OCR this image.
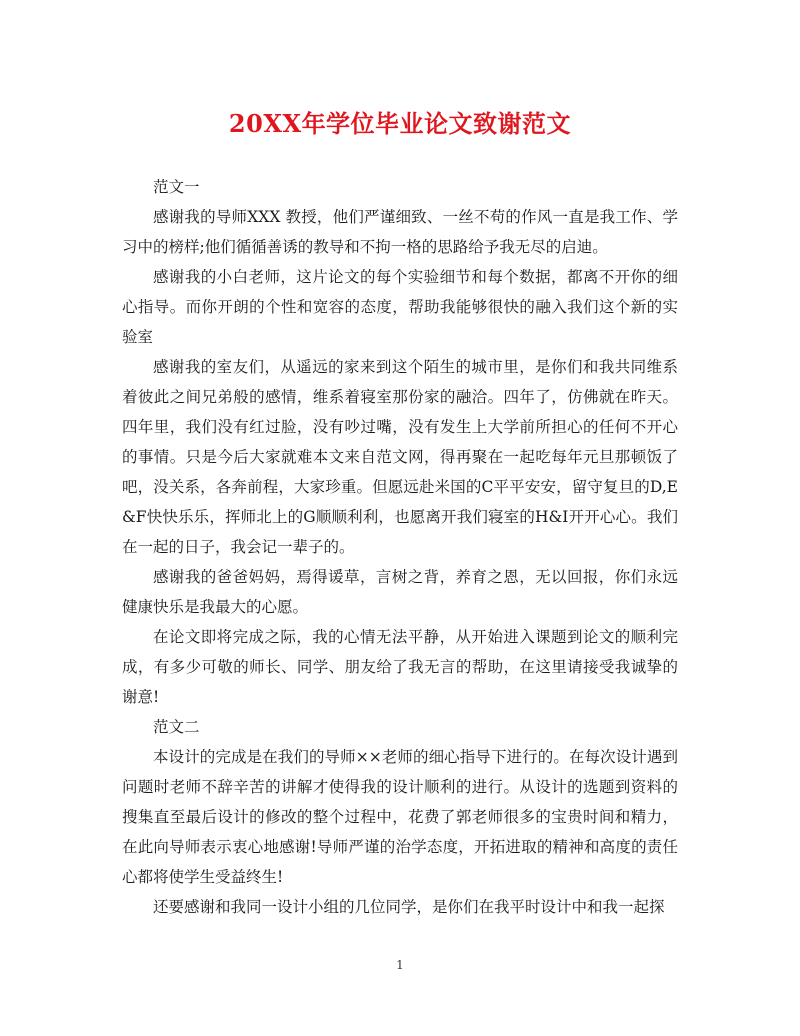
20XX年学位毕业论文致谢范文

范文一

感谢我的导师XXX 教授，他们严谨细致、一丝不苟的作风一直是我工作、学习中的榜样;他们循循善诱的教导和不拘一格的思路给予我无尽的启迪。

感谢我的小白老师，这片论文的每个实验细节和每个数据，都离不开你的细心指导。而你开朗的个性和宽容的态度，帮助我能够很快的融入我们这个新的实验室

感谢我的室友们，从遥远的家来到这个陌生的城市里，是你们和我共同维系着彼此之间兄弟般的感情，维系着寝室那份家的融洽。四年了，仿佛就在昨天。四年里，我们没有红过脸，没有吵过嘴，没有发生上大学前所担心的任何不开心的事情。只是今后大家就难本文来自范文网，得再聚在一起吃每年元旦那顿饭了吧，没关系，各奔前程，大家珍重。但愿远赴米国的C平平安安，留守复旦的D,E&F快快乐乐，挥师北上的G顺顺利利，也愿离开我们寝室的H&I开开心心。我们在一起的日子，我会记一辈子的。

感谢我的爸爸妈妈，焉得谖草，言树之背，养育之恩，无以回报，你们永远健康快乐是我最大的心愿。

在论文即将完成之际，我的心情无法平静，从开始进入课题到论文的顺利完成，有多少可敬的师长、同学、朋友给了我无言的帮助，在这里请接受我诚挚的谢意!

范文二

本设计的完成是在我们的导师××老师的细心指导下进行的。在每次设计遇到问题时老师不辞辛苦的讲解才使得我的设计顺利的进行。从设计的选题到资料的搜集直至最后设计的修改的整个过程中，花费了郭老师很多的宝贵时间和精力，在此向导师表示衷心地感谢!导师严谨的治学态度，开拓进取的精神和高度的责任心都将使学生受益终生!

还要感谢和我同一设计小组的几位同学，是你们在我平时设计中和我一起探

1
